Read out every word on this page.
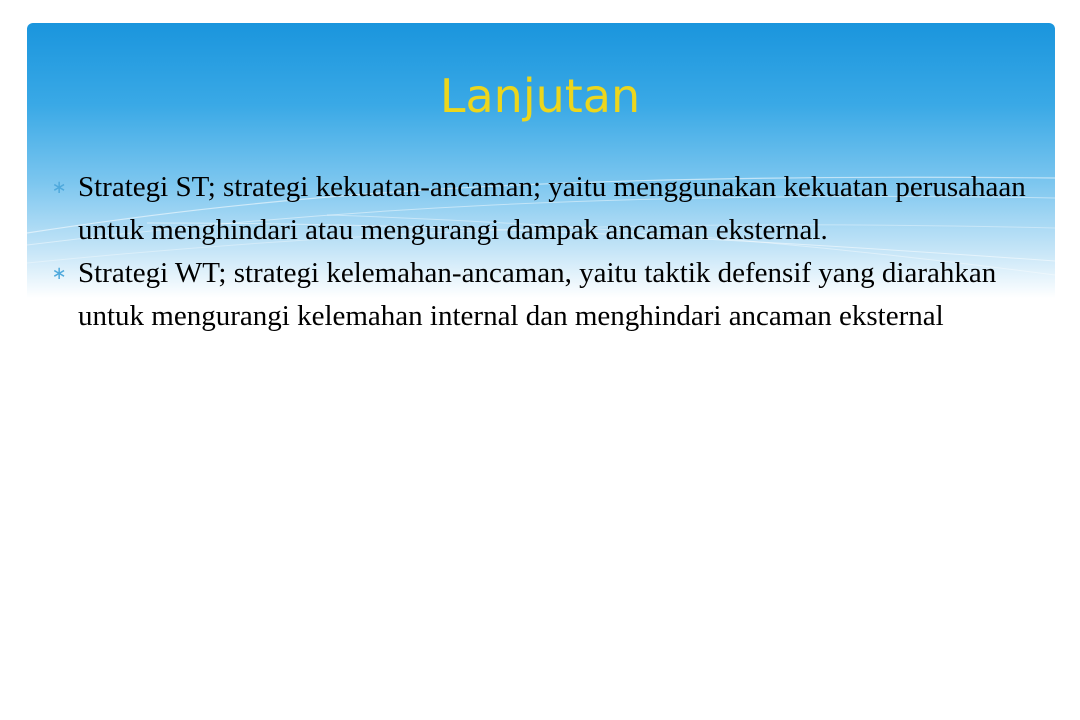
Lanjutan
∗ Strategi ST; strategi kekuatan-ancaman; yaitu menggunakan kekuatan perusahaan untuk menghindari atau mengurangi dampak ancaman eksternal.
∗ Strategi WT; strategi kelemahan-ancaman, yaitu taktik defensif yang diarahkan untuk mengurangi kelemahan internal dan menghindari ancaman eksternal
